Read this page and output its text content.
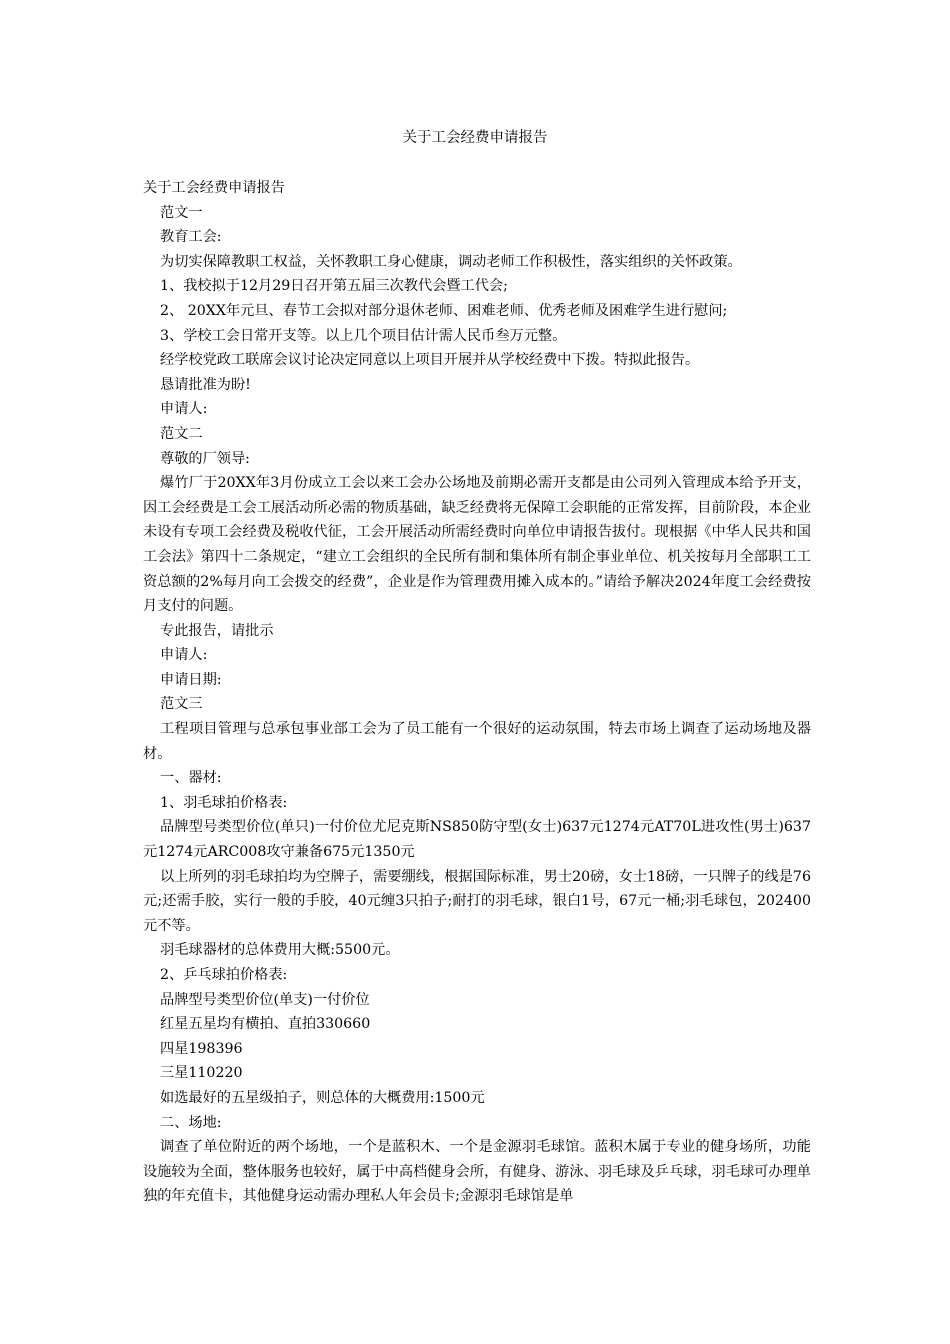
关于工会经费申请报告

关于工会经费申请报告

范文一

教育工会:

为切实保障教职工权益，关怀教职工身心健康，调动老师工作积极性，落实组织的关怀政策。

1、我校拟于12月29日召开第五届三次教代会暨工代会;

2、 20XX年元旦、春节工会拟对部分退休老师、困难老师、优秀老师及困难学生进行慰问;

3、学校工会日常开支等。以上几个项目估计需人民币叁万元整。

经学校党政工联席会议讨论决定同意以上项目开展并从学校经费中下拨。特拟此报告。

恳请批准为盼!

申请人:

范文二

尊敬的厂领导:

爆竹厂于20XX年3月份成立工会以来工会办公场地及前期必需开支都是由公司列入管理成本给予开支，因工会经费是工会工展活动所必需的物质基础，缺乏经费将无保障工会职能的正常发挥，目前阶段，本企业未设有专项工会经费及税收代征，工会开展活动所需经费时向单位申请报告拔付。现根据《中华人民共和国工会法》第四十二条规定，“建立工会组织的全民所有制和集体所有制企事业单位、机关按每月全部职工工资总额的2%每月向工会拨交的经费”，企业是作为管理费用摊入成本的。”请给予解决2024年度工会经费按月支付的问题。

专此报告，请批示

申请人:

申请日期:

范文三

工程项目管理与总承包事业部工会为了员工能有一个很好的运动氛围，特去市场上调查了运动场地及器材。

一、器材:

1、羽毛球拍价格表:

品牌型号类型价位(单只)一付价位尤尼克斯NS850防守型(女士)637元1274元AT70L进攻性(男士)637元1274元ARC008攻守兼备675元1350元

以上所列的羽毛球拍均为空牌子，需要绷线，根据国际标准，男士20磅，女士18磅，一只牌子的线是76元;还需手胶，实行一般的手胶，40元缠3只拍子;耐打的羽毛球，银白1号，67元一桶;羽毛球包，202400元不等。

羽毛球器材的总体费用大概:5500元。

2、乒乓球拍价格表:

品牌型号类型价位(单支)一付价位

红星五星均有横拍、直拍330660

四星198396

三星110220

如选最好的五星级拍子，则总体的大概费用:1500元

二、场地:

调查了单位附近的两个场地，一个是蓝积木、一个是金源羽毛球馆。蓝积木属于专业的健身场所，功能设施较为全面，整体服务也较好，属于中高档健身会所，有健身、游泳、羽毛球及乒乓球，羽毛球可办理单独的年充值卡，其他健身运动需办理私人年会员卡;金源羽毛球馆是单
